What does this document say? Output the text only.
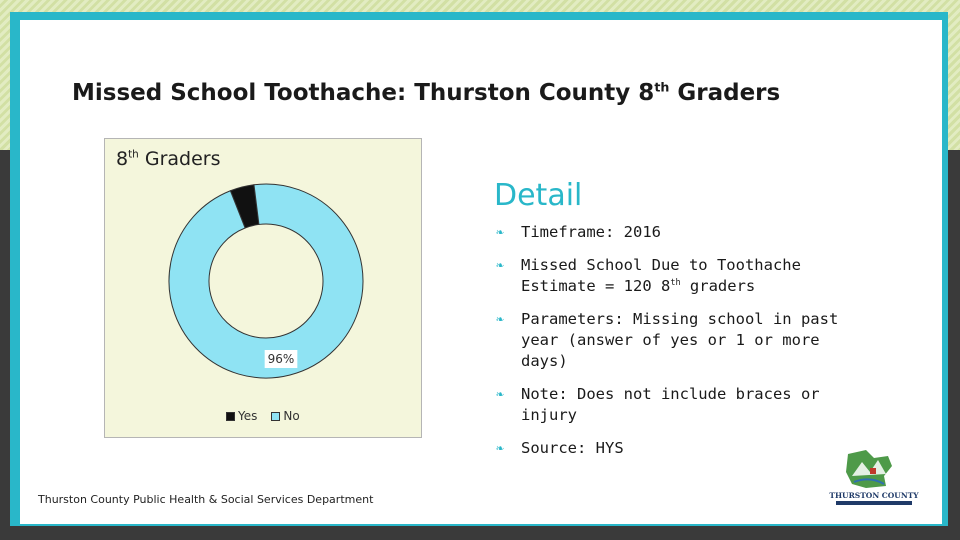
Missed School Toothache: Thurston County 8th Graders
8th Graders
96%
Yes No
Detail
❧ Timeframe: 2016
❧ Missed School Due to Toothache Estimate = 120 8th graders
❧ Parameters: Missing school in past year (answer of yes or 1 or more days)
❧ Note: Does not include braces or injury
❧ Source: HYS
Thurston County Public Health & Social Services Department	THURSTON COUNTY
